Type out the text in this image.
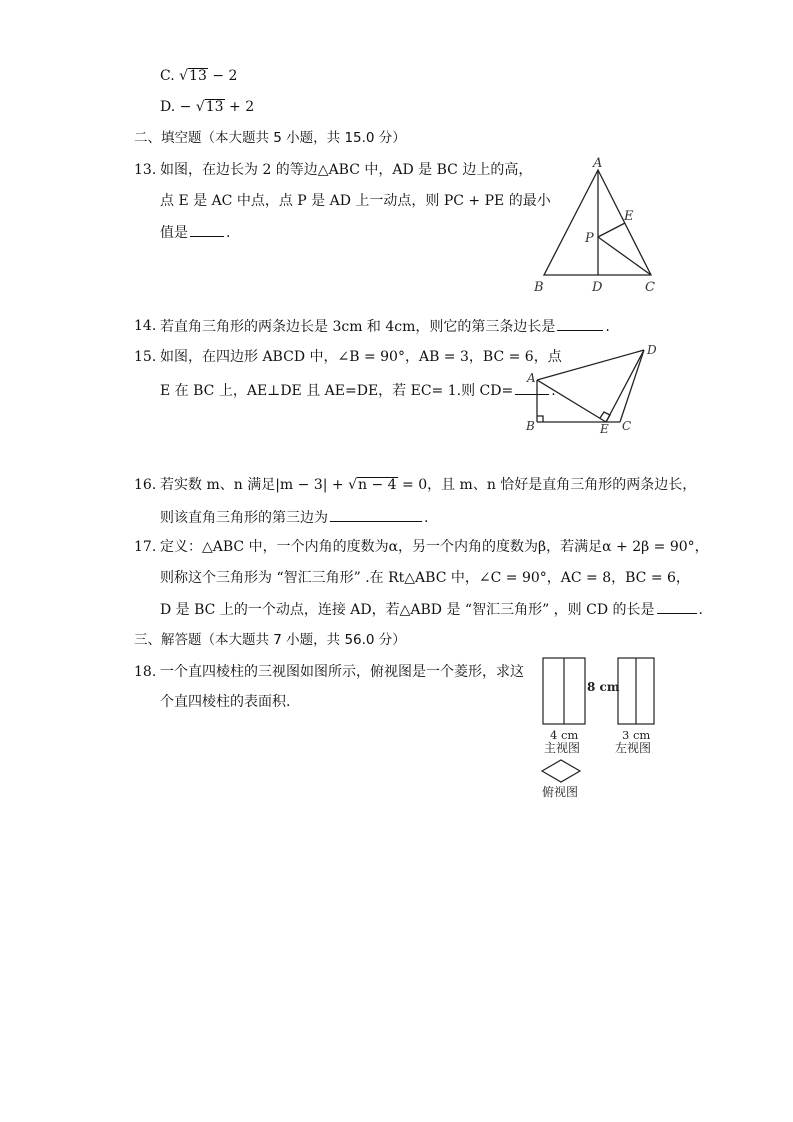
C. √13 − 2
D. − √13 + 2
二、填空题（本大题共 5 小题，共 15.0 分）
13. 如图，在边长为 2 的等边△ABC 中，AD 是 BC 边上的高，
点 E 是 AC 中点，点 P 是 AD 上一动点，则 PC + PE 的最小
值是	.
A
B	D	C
E
P
14. 若直角三角形的两条边长是 3cm 和 4cm，则它的第三条边长是	.
15. 如图，在四边形 ABCD 中，∠B = 90°，AB = 3，BC = 6，点
E 在 BC 上，AE⊥DE 且 AE=DE，若 EC= 1.则 CD=	.
A
B	E C
D
16. 若实数 m、n 满足|m − 3| + √n − 4 = 0，且 m、n 恰好是直角三角形的两条边长，
则该直角三角形的第三边为	.
17. 定义：△ABC 中，一个内角的度数为α，另一个内角的度数为β，若满足α + 2β = 90°，
则称这个三角形为 “智汇三角形” .在 Rt△ABC 中，∠C = 90°，AC = 8，BC = 6，
D 是 BC 上的一个动点，连接 AD，若△ABD 是 “智汇三角形” ，则 CD 的长是	.
三、解答题（本大题共 7 小题，共 56.0 分）
18. 一个直四棱柱的三视图如图所示，俯视图是一个菱形，求这
个直四棱柱的表面积.
8 cm
4 cm	3 cm
主视图	左视图
俯视图
